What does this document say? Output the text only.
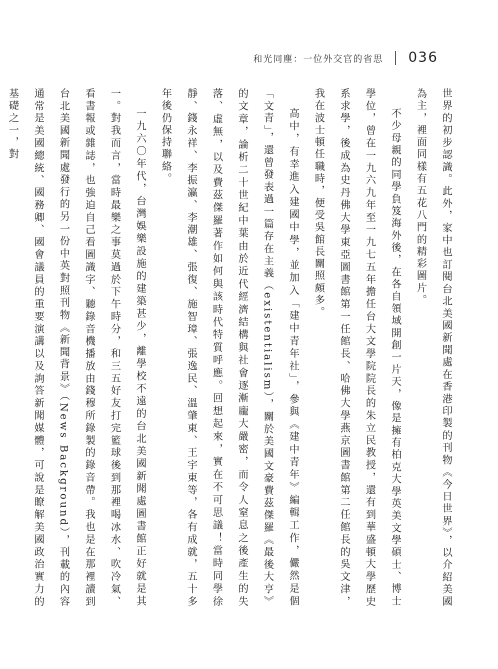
和光同塵：一位外交官的省思 036

世界的初步認識。此外，家中也訂閱台北美國新聞處在香港印製的刊物《今日世界》，以介紹美國為主，裡面同樣有五花八門的精彩圖片。

不少母親的同學負笈海外後，在各自領域開創一片天，像是擁有柏克大學英美文學碩士、博士學位，曾在一九六九年至一九七五年擔任台大文學院院長的朱立民教授，還有到華盛頓大學歷史系求學，後成為史丹佛大學東亞圖書館第一任館長、哈佛大學燕京圖書館第二任館長的吳文津，我在波士頓任職時，便受吳館長關照頗多。

高中，有幸進入建國中學，並加入「建中青年社」，參與《建中青年》編輯工作，儼然是個「文青」，還曾發表過一篇存在主義（existentialism），關於美國文豪費茲傑羅《最後大亨》的文章，論析二十世紀中葉由於近代經濟結構與社會逐漸龐大嚴密，而令人窒息之後產生的失落、虛無，以及費茲傑羅著作如何與該時代特質呼應。回想起來，實在不可思議！當時同學徐靜、錢永祥、李振瀛、李潮雄、張復、施智璋、張逸民、溫肇東、王宇東等，各有成就，五十多年後仍保持聯絡。

一九六〇年代，台灣娛樂設施的建築甚少，離學校不遠的台北美國新聞處圖書館正好就是其一。對我而言，當時最樂之事莫過於下午時分，和三五好友打完籃球後到那裡喝冰水、吹冷氣、看書報或雜誌，也強迫自己看圖識字、聽錄音機播放由錢穆所錄製的錄音帶。我也是在那裡讀到台北美國新聞處發行的另一份中英對照刊物《新聞背景》（News Background），刊載的內容通常是美國總統、國務卿、國會議員的重要演講以及詢答新聞媒體，可說是瞭解美國政治實力的基礎之一，對
